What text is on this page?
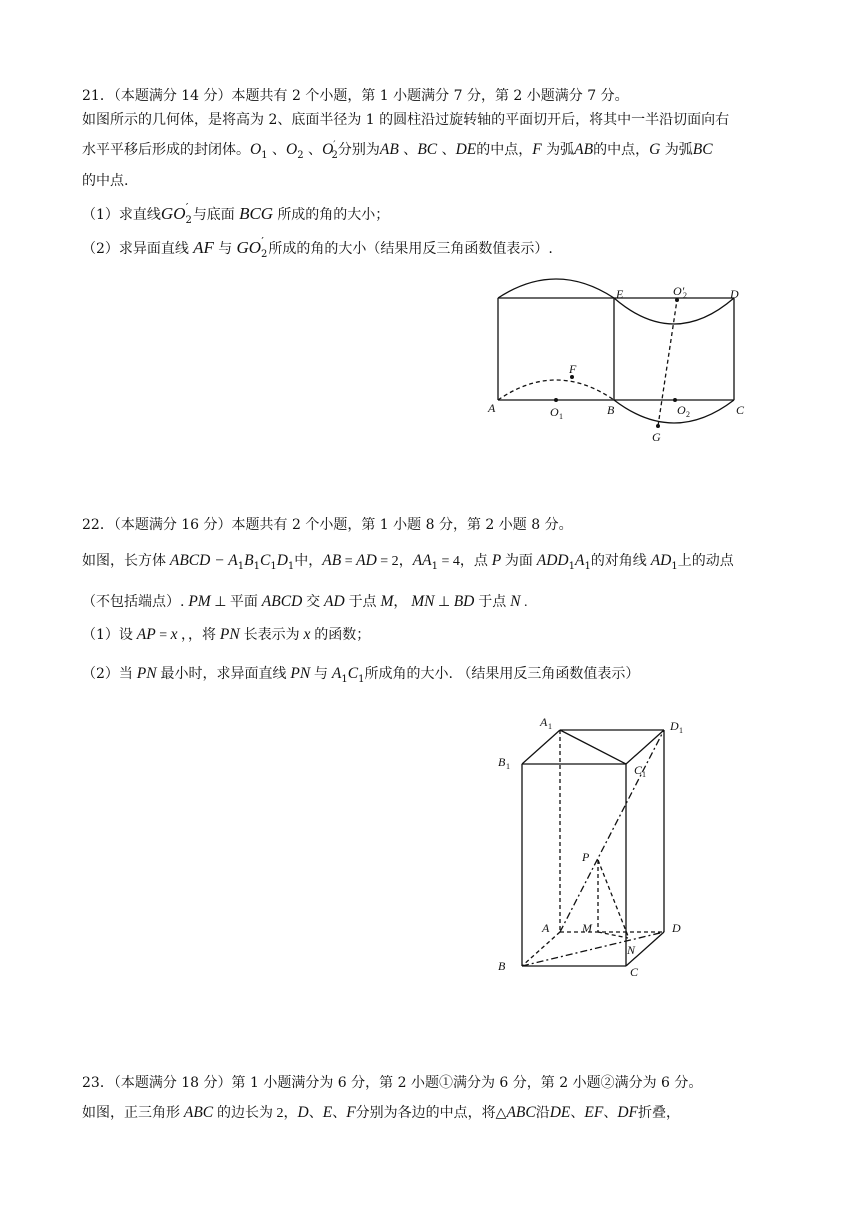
21．（本题满分 14 分）本题共有 2 个小题，第 1 小题满分 7 分，第 2 小题满分 7 分。
如图所示的几何体，是将高为 2、底面半径为 1 的圆柱沿过旋转轴的平面切开后，将其中一半沿切面向右
水平平移后形成的封闭体。$O_1$ 、$O_2$ 、$O_{'2}$分别为AB 、BC 、DE的中点，F 为弧AB的中点，G 为弧BC
的中点.
（1）求直线$GO_2'$ 与底面 BCG 所成的角的大小；
（2）求异面直线 AF 与 $GO_2'$ 所成的角的大小（结果用反三角函数值表示）.
A	O 1	B	O 2	C
G
F
E	O′
2	D
22．（本题满分 16 分）本题共有 2 个小题，第 1 小题 8 分，第 2 小题 8 分。
如图，长方体 ABCD − $A_1B_1C_1D_1$中，AB = AD = 2，$AA_1 = 4$，点 P 为面 $ADD_1A_1$的对角线 $AD_1$上的动点
（不包括端点）. PM ⊥ 平面 ABCD 交 AD 于点 M， MN ⊥ BD 于点 N .
（1）设 AP = x ，，将 PN 长表示为 x 的函数；
（2）当 PN 最小时，求异面直线 PN 与 $A_1C_1$所成角的大小. （结果用反三角函数值表示）
A 1	D 1
B 1	C 1
P
A	M	D
N
B	C
23．（本题满分 18 分）第 1 小题满分为 6 分，第 2 小题①满分为 6 分，第 2 小题②满分为 6 分。
如图，正三角形 ABC 的边长为 2，D、E、F分别为各边的中点，将△ABC沿DE、EF、DF折叠，
